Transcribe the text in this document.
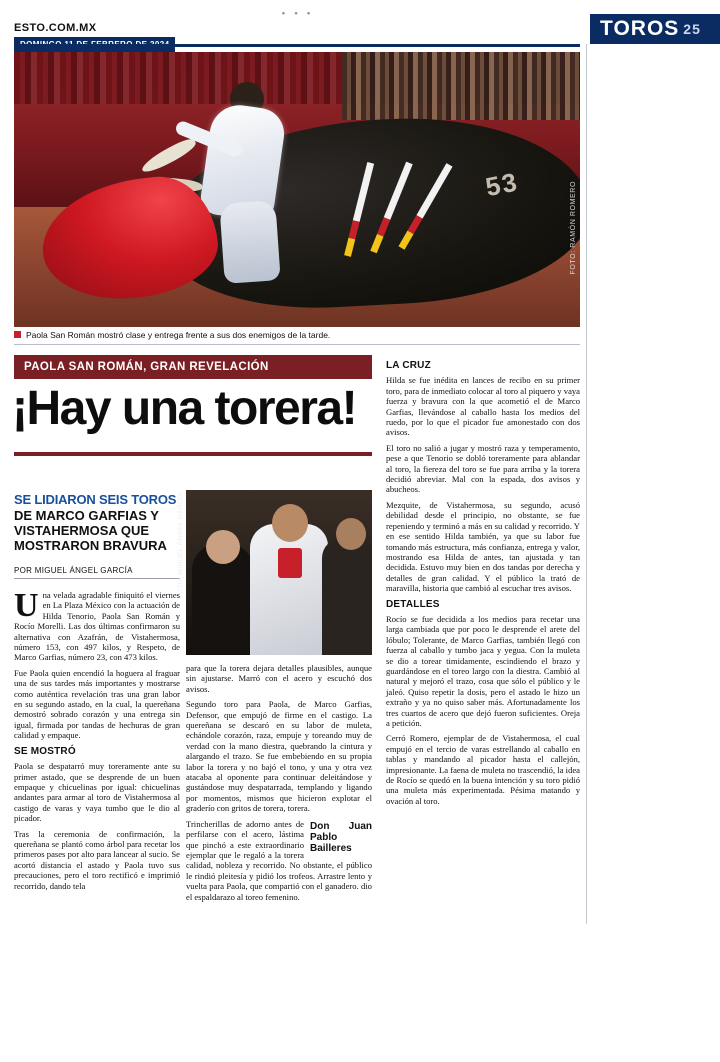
• • •
ESTO.COM.MX	TOROS 25
53	FOTO: RAMÓN ROMERO
Paola San Román mostró clase y entrega frente a sus dos enemigos de la tarde.
PAOLA SAN ROMÁN, GRAN REVELACIÓN
¡Hay una torera!
SE LIDIARON SEIS TOROS
DE MARCO GARFIAS Y VISTAHERMOSA QUE MOSTRARON BRAVURA
POR MIGUEL ÁNGEL GARCÍA	FOTO: MIGUEL ÁNGEL GARCÍA

Una velada agradable finiquitó el viernes en La Plaza México con la actuación de Hilda Tenorio, Paola San Román y Rocío Morelli. Las dos últimas confirmaron su alternativa con Azafrán, de Vistahermosa, número 153, con 497 kilos, y Respeto, de Marco Garfias, número 23, con 473 kilos.

Fue Paola quien encendió la hoguera al fraguar una de sus tardes más importantes y mostrarse como auténtica revelación tras una gran labor en su segundo astado, en la cual, la quereñana demostró sobrado corazón y una entrega sin igual, firmada por tandas de hechuras de gran calidad y empaque.

SE MOSTRÓ

Paola se despatarró muy toreramente ante su primer astado, que se desprende de un buen empaque y chicuelinas por igual: chicuelinas andantes para armar al toro de Vistahermosa al castigo de varas y vaya tumbo que le dio al picador.

Tras la ceremonia de confirmación, la quereñana se plantó como árbol para recetar los primeros pases por alto para lancear al sucio. Se acortó distancia el astado y Paola tuvo sus precauciones, pero el toro rectificó e imprimió recorrido, dando tela

para que la torera dejara detalles plausibles, aunque sin ajustarse. Marró con el acero y escuchó dos avisos.

Segundo toro para Paola, de Marco Garfias, Defensor, que empujó de firme en el castigo. La quereñana se descaró en su labor de muleta, echándole corazón, raza, empuje y toreando muy de verdad con la mano diestra, quebrando la cintura y alargando el trazo. Se fue embebiendo en su propia labor la torera y no bajó el tono, y una y otra vez atacaba al oponente para continuar deleitándose y gustándose muy despatarrada, templando y ligando por momentos, mismos que hicieron explotar el graderío con gritos de torera, torera.

Don Juan Pablo Bailleres
Trincherillas de adorno antes de perfilarse con el acero, lástima que pinchó a este extraordinario ejemplar que le regaló a la torera calidad, nobleza y recorrido. No obstante, el público le rindió pleitesía y pidió los trofeos. Arrastre lento y vuelta para Paola, que compartió con el ganadero. dio el espaldarazo al toreo femenino.

LA CRUZ

Hilda se fue inédita en lances de recibo en su primer toro, para de inmediato colocar al toro al piquero y vaya fuerza y bravura con la que acometió el de Marco Garfias, llevándose al caballo hasta los medios del ruedo, por lo que el picador fue amonestado con dos avisos.

El toro no salió a jugar y mostró raza y temperamento, pese a que Tenorio se dobló toreramente para ablandar al toro, la fiereza del toro se fue para arriba y la torera decidió abreviar. Mal con la espada, dos avisos y abucheos.

Mezquite, de Vistahermosa, su segundo, acusó debilidad desde el principio, no obstante, se fue repeniendo y terminó a más en su calidad y recorrido. Y en ese sentido Hilda también, ya que su labor fue tomando más estructura, más confianza, entrega y valor, mostrando esa Hilda de antes, tan ajustada y tan decidida. Estuvo muy bien en dos tandas por derecha y detalles de gran calidad. Y el público la trató de maravilla, historia que cambió al escuchar tres avisos.

DETALLES

Rocío se fue decidida a los medios para recetar una larga cambiada que por poco le desprende el arete del lóbulo; Tolerante, de Marco Garfias, también llegó con fuerza al caballo y tumbo jaca y yegua. Con la muleta se dio a torear timidamente, escindiendo el brazo y guardándose en el toreo largo con la diestra. Cambió al natural y mejoró el trazo, cosa que sólo el público y le jaleó. Quiso repetir la dosis, pero el astado le hizo un extraño y ya no quiso saber más. Afortunadamente los tres cuartos de acero que dejó fueron suficientes. Oreja a petición.

Cerró Romero, ejemplar de de Vistahermosa, el cual empujó en el tercio de varas estrellando al caballo en tablas y mandando al picador hasta el callejón, impresionante. La faena de muleta no trascendió, la idea de Rocío se quedó en la buena intención y su toro pidió una muleta más experimentada. Pésima matando y ovación al toro.
